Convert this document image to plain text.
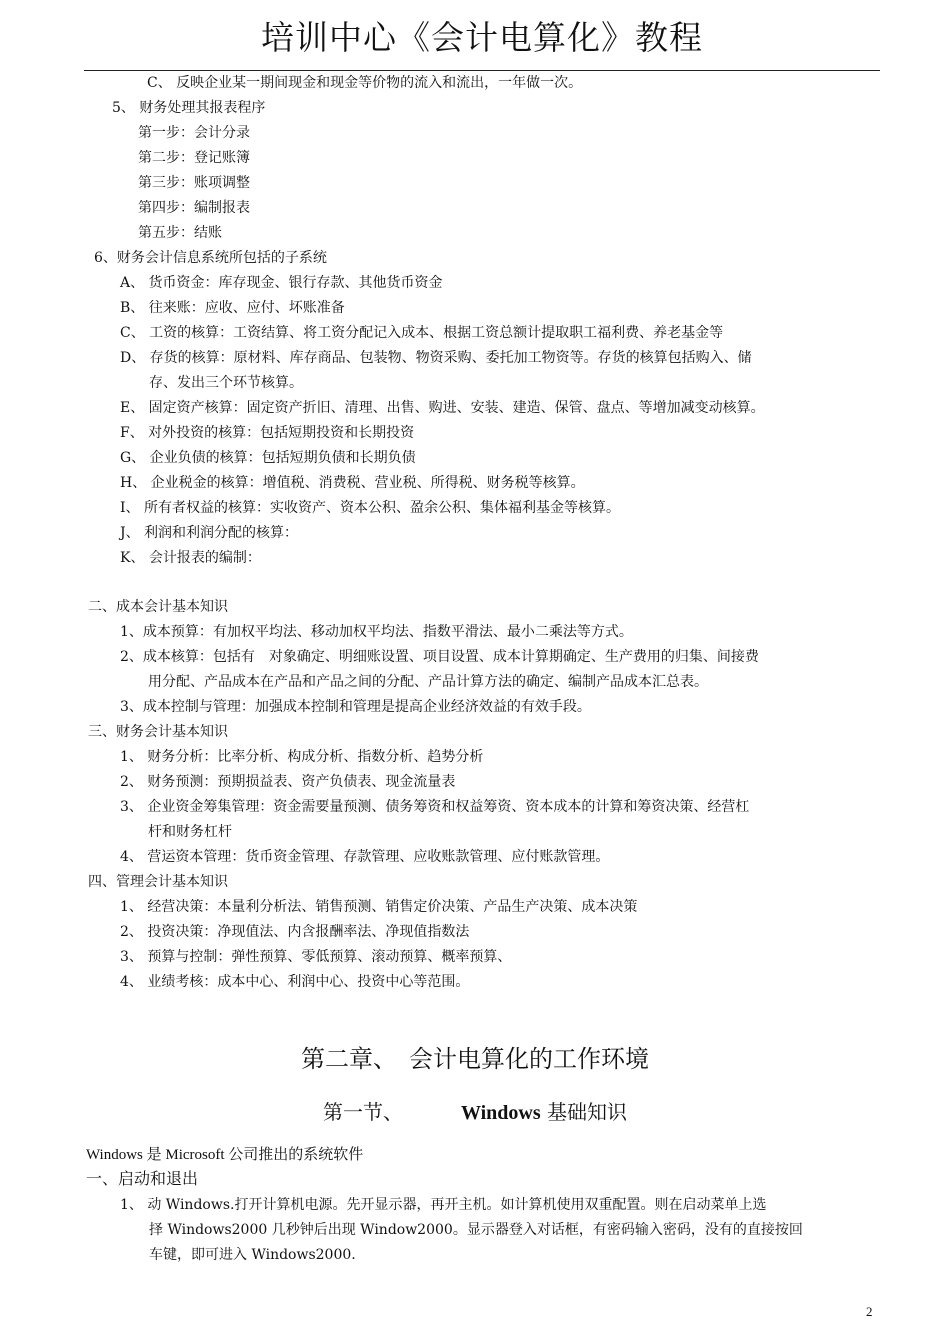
培训中心《会计电算化》教程
C、 反映企业某一期间现金和现金等价物的流入和流出，一年做一次。
5、 财务处理其报表程序
第一步：会计分录
第二步：登记账簿
第三步：账项调整
第四步：编制报表
第五步：结账
6、财务会计信息系统所包括的子系统
A、 货币资金：库存现金、银行存款、其他货币资金
B、 往来账：应收、应付、坏账准备
C、 工资的核算：工资结算、将工资分配记入成本、根据工资总额计提取职工福利费、养老基金等
D、 存货的核算：原材料、库存商品、包装物、物资采购、委托加工物资等。存货的核算包括购入、储
存、发出三个环节核算。
E、 固定资产核算：固定资产折旧、清理、出售、购进、安装、建造、保管、盘点、等增加减变动核算。
F、 对外投资的核算：包括短期投资和长期投资
G、 企业负债的核算：包括短期负债和长期负债
H、 企业税金的核算：增值税、消费税、营业税、所得税、财务税等核算。
I、 所有者权益的核算：实收资产、资本公积、盈余公积、集体福利基金等核算。
J、 利润和利润分配的核算：
K、 会计报表的编制：
二、成本会计基本知识
1、成本预算：有加权平均法、移动加权平均法、指数平滑法、最小二乘法等方式。
2、成本核算：包括有　对象确定、明细账设置、项目设置、成本计算期确定、生产费用的归集、间接费
用分配、产品成本在产品和产品之间的分配、产品计算方法的确定、编制产品成本汇总表。
3、成本控制与管理：加强成本控制和管理是提高企业经济效益的有效手段。
三、财务会计基本知识
1、 财务分析：比率分析、构成分析、指数分析、趋势分析
2、 财务预测：预期损益表、资产负债表、现金流量表
3、 企业资金筹集管理：资金需要量预测、债务筹资和权益筹资、资本成本的计算和筹资决策、经营杠
杆和财务杠杆
4、 营运资本管理：货币资金管理、存款管理、应收账款管理、应付账款管理。
四、管理会计基本知识
1、 经营决策：本量利分析法、销售预测、销售定价决策、产品生产决策、成本决策
2、 投资决策：净现值法、内含报酬率法、净现值指数法
3、 预算与控制：弹性预算、零低预算、滚动预算、概率预算、
4、 业绩考核：成本中心、利润中心、投资中心等范围。
第二章、　会计电算化的工作环境
第一节、	Windows 基础知识
Windows 是 Microsoft 公司推出的系统软件
一、启动和退出
1、 动 Windows.打开计算机电源。先开显示器，再开主机。如计算机使用双重配置。则在启动菜单上选
择 Windows2000 几秒钟后出现 Window2000。显示器登入对话框，有密码输入密码，没有的直接按回
车键，即可进入 Windows2000.
2
